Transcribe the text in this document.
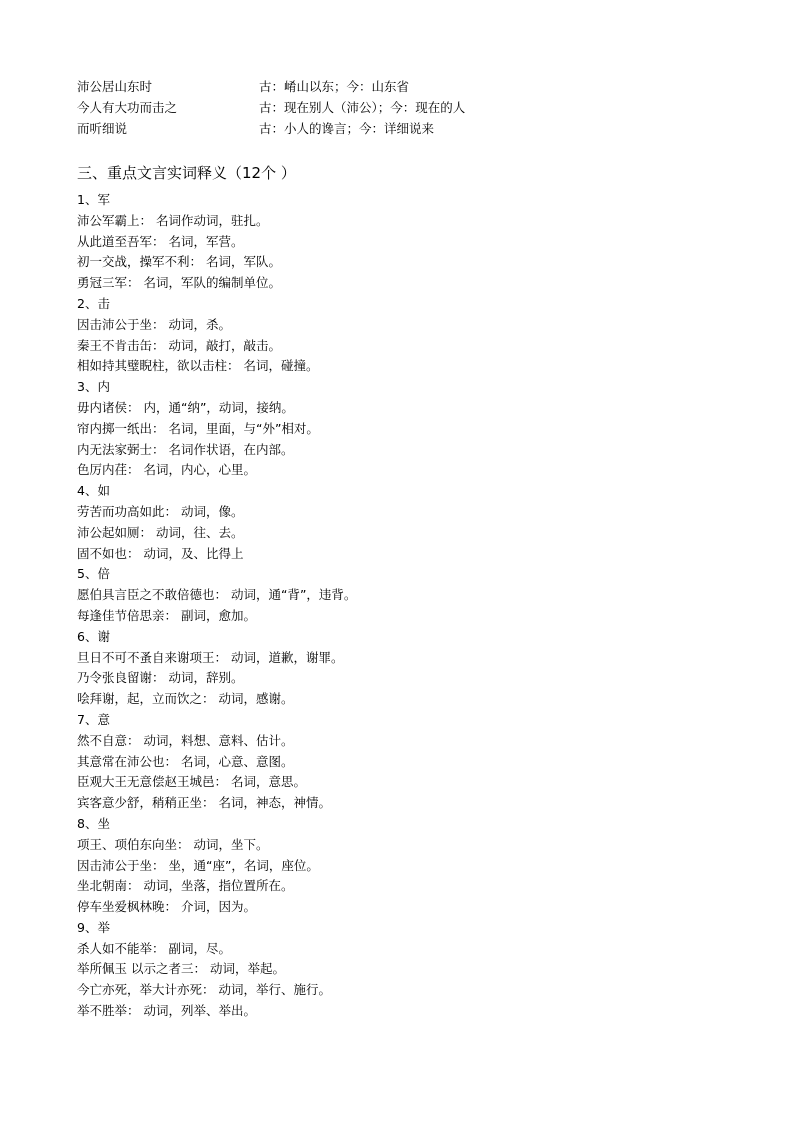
沛公居山东时	古：崤山以东；今：山东省
今人有大功而击之	古：现在别人（沛公）；今：现在的人
而听细说	古：小人的谗言；今：详细说来
三、重点文言实词释义（12个 ）
1、军
沛公军霸上： 名词作动词，驻扎。
从此道至吾军： 名词，军营。
初一交战，操军不利： 名词，军队。
勇冠三军： 名词，军队的编制单位。
2、击
因击沛公于坐： 动词，杀。
秦王不肯击缶： 动词，敲打，敲击。
相如持其璧睨柱，欲以击柱： 名词，碰撞。
3、内
毋内诸侯： 内，通“纳”，动词，接纳。
帘内掷一纸出： 名词，里面，与“外”相对。
内无法家弼士： 名词作状语，在内部。
色厉内荏： 名词，内心，心里。
4、如
劳苦而功高如此： 动词，像。
沛公起如厕： 动词，往、去。
固不如也： 动词，及、比得上
5、倍
愿伯具言臣之不敢倍德也： 动词，通“背”，违背。
每逢佳节倍思亲： 副词，愈加。
6、谢
旦日不可不蚤自来谢项王： 动词，道歉，谢罪。
乃令张良留谢： 动词，辞别。
哙拜谢，起，立而饮之： 动词，感谢。
7、意
然不自意： 动词，料想、意料、估计。
其意常在沛公也： 名词，心意、意图。
臣观大王无意偿赵王城邑： 名词，意思。
宾客意少舒，稍稍正坐： 名词，神态，神情。
8、坐
项王、项伯东向坐： 动词，坐下。
因击沛公于坐： 坐，通“座”，名词，座位。
坐北朝南： 动词，坐落，指位置所在。
停车坐爱枫林晚： 介词，因为。
9、举
杀人如不能举： 副词，尽。
举所佩玉 以示之者三： 动词，举起。
今亡亦死，举大计亦死： 动词，举行、施行。
举不胜举： 动词，列举、举出。
